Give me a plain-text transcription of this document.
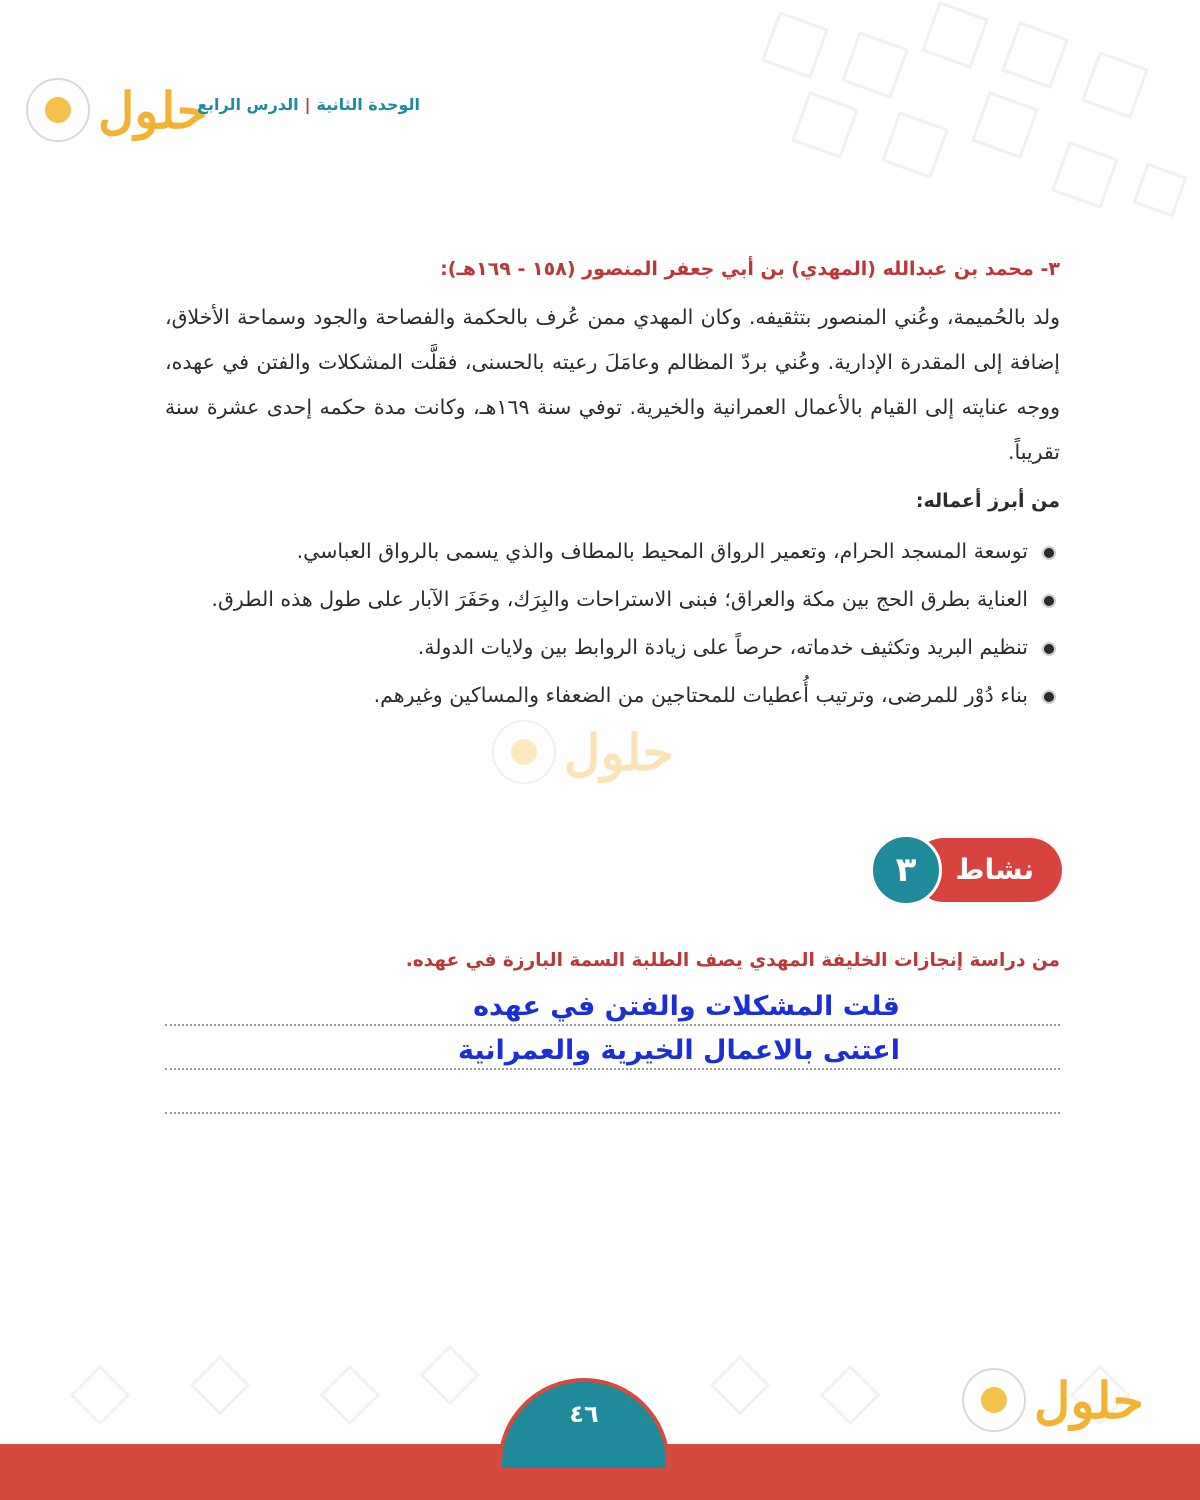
حلول	الوحدة الثانية|الدرس الرابع
٣- محمد بن عبدالله (المهدي) بن أبي جعفر المنصور (١٥٨ - ١٦٩هـ):
ولد بالحُميمة، وعُني المنصور بتثقيفه. وكان المهدي ممن عُرف بالحكمة والفصاحة والجود وسماحة الأخلاق، إضافة إلى المقدرة الإدارية. وعُني بردّ المظالم وعامَلَ رعيته بالحسنى، فقلَّت المشكلات والفتن في عهده، ووجه عنايته إلى القيام بالأعمال العمرانية والخيرية. توفي سنة ١٦٩هـ، وكانت مدة حكمه إحدى عشرة سنة تقريباً.
من أبرز أعماله:
توسعة المسجد الحرام، وتعمير الرواق المحيط بالمطاف والذي يسمى بالرواق العباسي.
العناية بطرق الحج بين مكة والعراق؛ فبنى الاستراحات والبِرَك، وحَفَرَ الآبار على طول هذه الطرق.
تنظيم البريد وتكثيف خدماته، حرصاً على زيادة الروابط بين ولايات الدولة.
بناء دُوْر للمرضى، وترتيب أُعطيات للمحتاجين من الضعفاء والمساكين وغيرهم.
حلول
نشاط
٣
من دراسة إنجازات الخليفة المهدي يصف الطلبة السمة البارزة في عهده.
قلت المشكلات والفتن في عهده
اعتنى بالاعمال الخيرية والعمرانية
حلول
٤٦
